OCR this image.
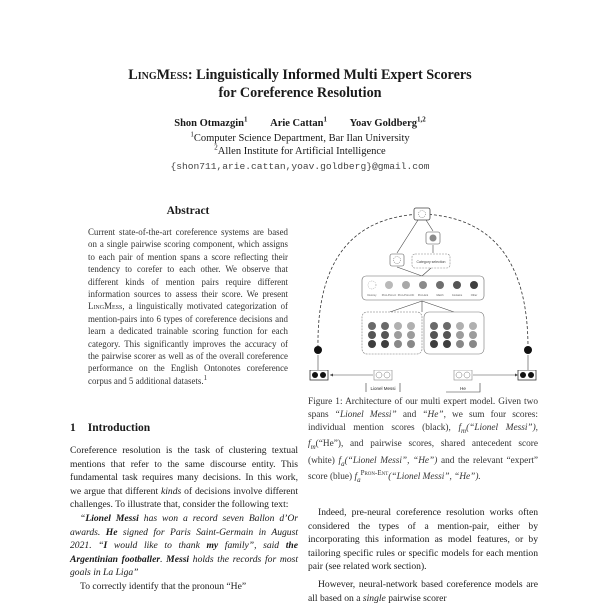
LingMess: Linguistically Informed Multi Expert Scorers
for Coreference Resolution
Shon Otmazgin$^1$ Arie Cattan$^1$ Yoav Goldberg$^{1,2}$
$^1$Computer Science Department, Bar Ilan University
$^2$Allen Institute for Artificial Intelligence
{shon711,arie.cattan,yoav.goldberg}@gmail.com
Abstract
Current state-of-the-art coreference systems are based on a single pairwise scoring component, which assigns to each pair of mention spans a score reflecting their tendency to corefer to each other. We observe that different kinds of mention pairs require different information sources to assess their score. We present LingMess, a linguistically motivated categorization of mention-pairs into 6 types of coreference decisions and learn a dedicated trainable scoring function for each category. This significantly improves the accuracy of the pairwise scorer as well as of the overall coreference performance on the English Ontonotes coreference corpus and 5 additional datasets.$^1$
1 Introduction

Coreference resolution is the task of clustering textual mentions that refer to the same discourse entity. This fundamental task requires many decisions. In this work, we argue that different kinds of decisions involve different challenges. To illustrate that, consider the following text:

“Lionel Messi has won a record seven Ballon d’Or awards. He signed for Paris Saint-Germain in August 2021. “I would like to thank my family”, said the Argentinian footballer. Messi holds the records for most goals in La Liga”

To correctly identify that the pronoun “He”

Category selection
Dummy Pron-Pron-C Pron-Pron-NC Pron-Ent	Match	Contains	Other
Lionel Messi	He
Figure 1: Architecture of our multi expert model. Given two spans “Lionel Messi” and “He”, we sum four scores: individual mention scores (black), $f_m(“Lionel$ Messi”), $f_m(“He”)$, and pairwise scores, shared antecedent score (white) $f_a(“Lionel$ Messi”, “He”) and the relevant “expert” score (blue) $f_a^{Pron-Ent}(“Lionel$ Messi”, “He”).

Indeed, pre-neural coreference resolution works often considered the types of a mention-pair, either by incorporating this information as model features, or by tailoring specific rules or specific models for each mention pair (see related work section).

However, neural-network based coreference models are all based on a single pairwise scorer
